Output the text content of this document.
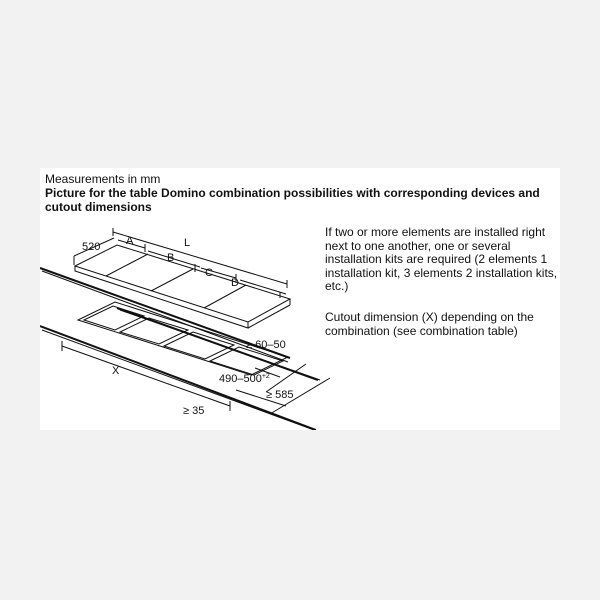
Measurements in mm
Picture for the table Domino combination possibilities with corresponding devices and cutout dimensions
If two or more elements are installed right next to one another, one or several installation kits are required (2 elements 1 installation kit, 3 elements 2 installation kits, etc.)
Cutout dimension (X) depending on the combination (see combination table)
520 A
B
L
C
D
X
≥ 60–50
$490-500^{+2}$
≥ 585
≥ 35
